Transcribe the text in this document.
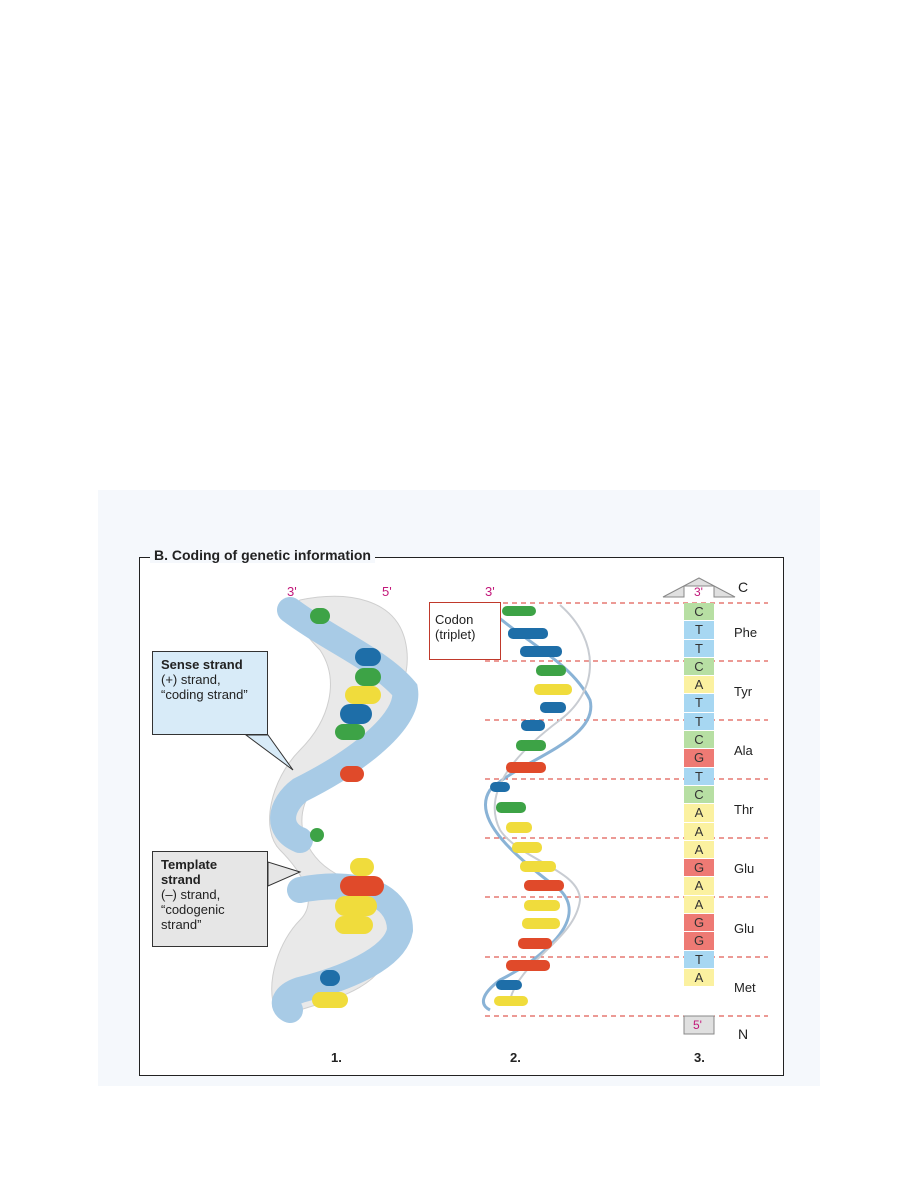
B. Coding of genetic information
3'	5'
Sense strand
(+) strand,
“coding strand”
Template
strand
(–) strand,
“codogenic
strand”
1.
3'
Codon
(triplet)
2.
3'	C
C
T
T
C
A
T
T
C
G
T
C
A
A
A
G
A
A
G
G
T
A
5'
N
Phe
Tyr
Ala
Thr
Glu
Glu
Met
3.
